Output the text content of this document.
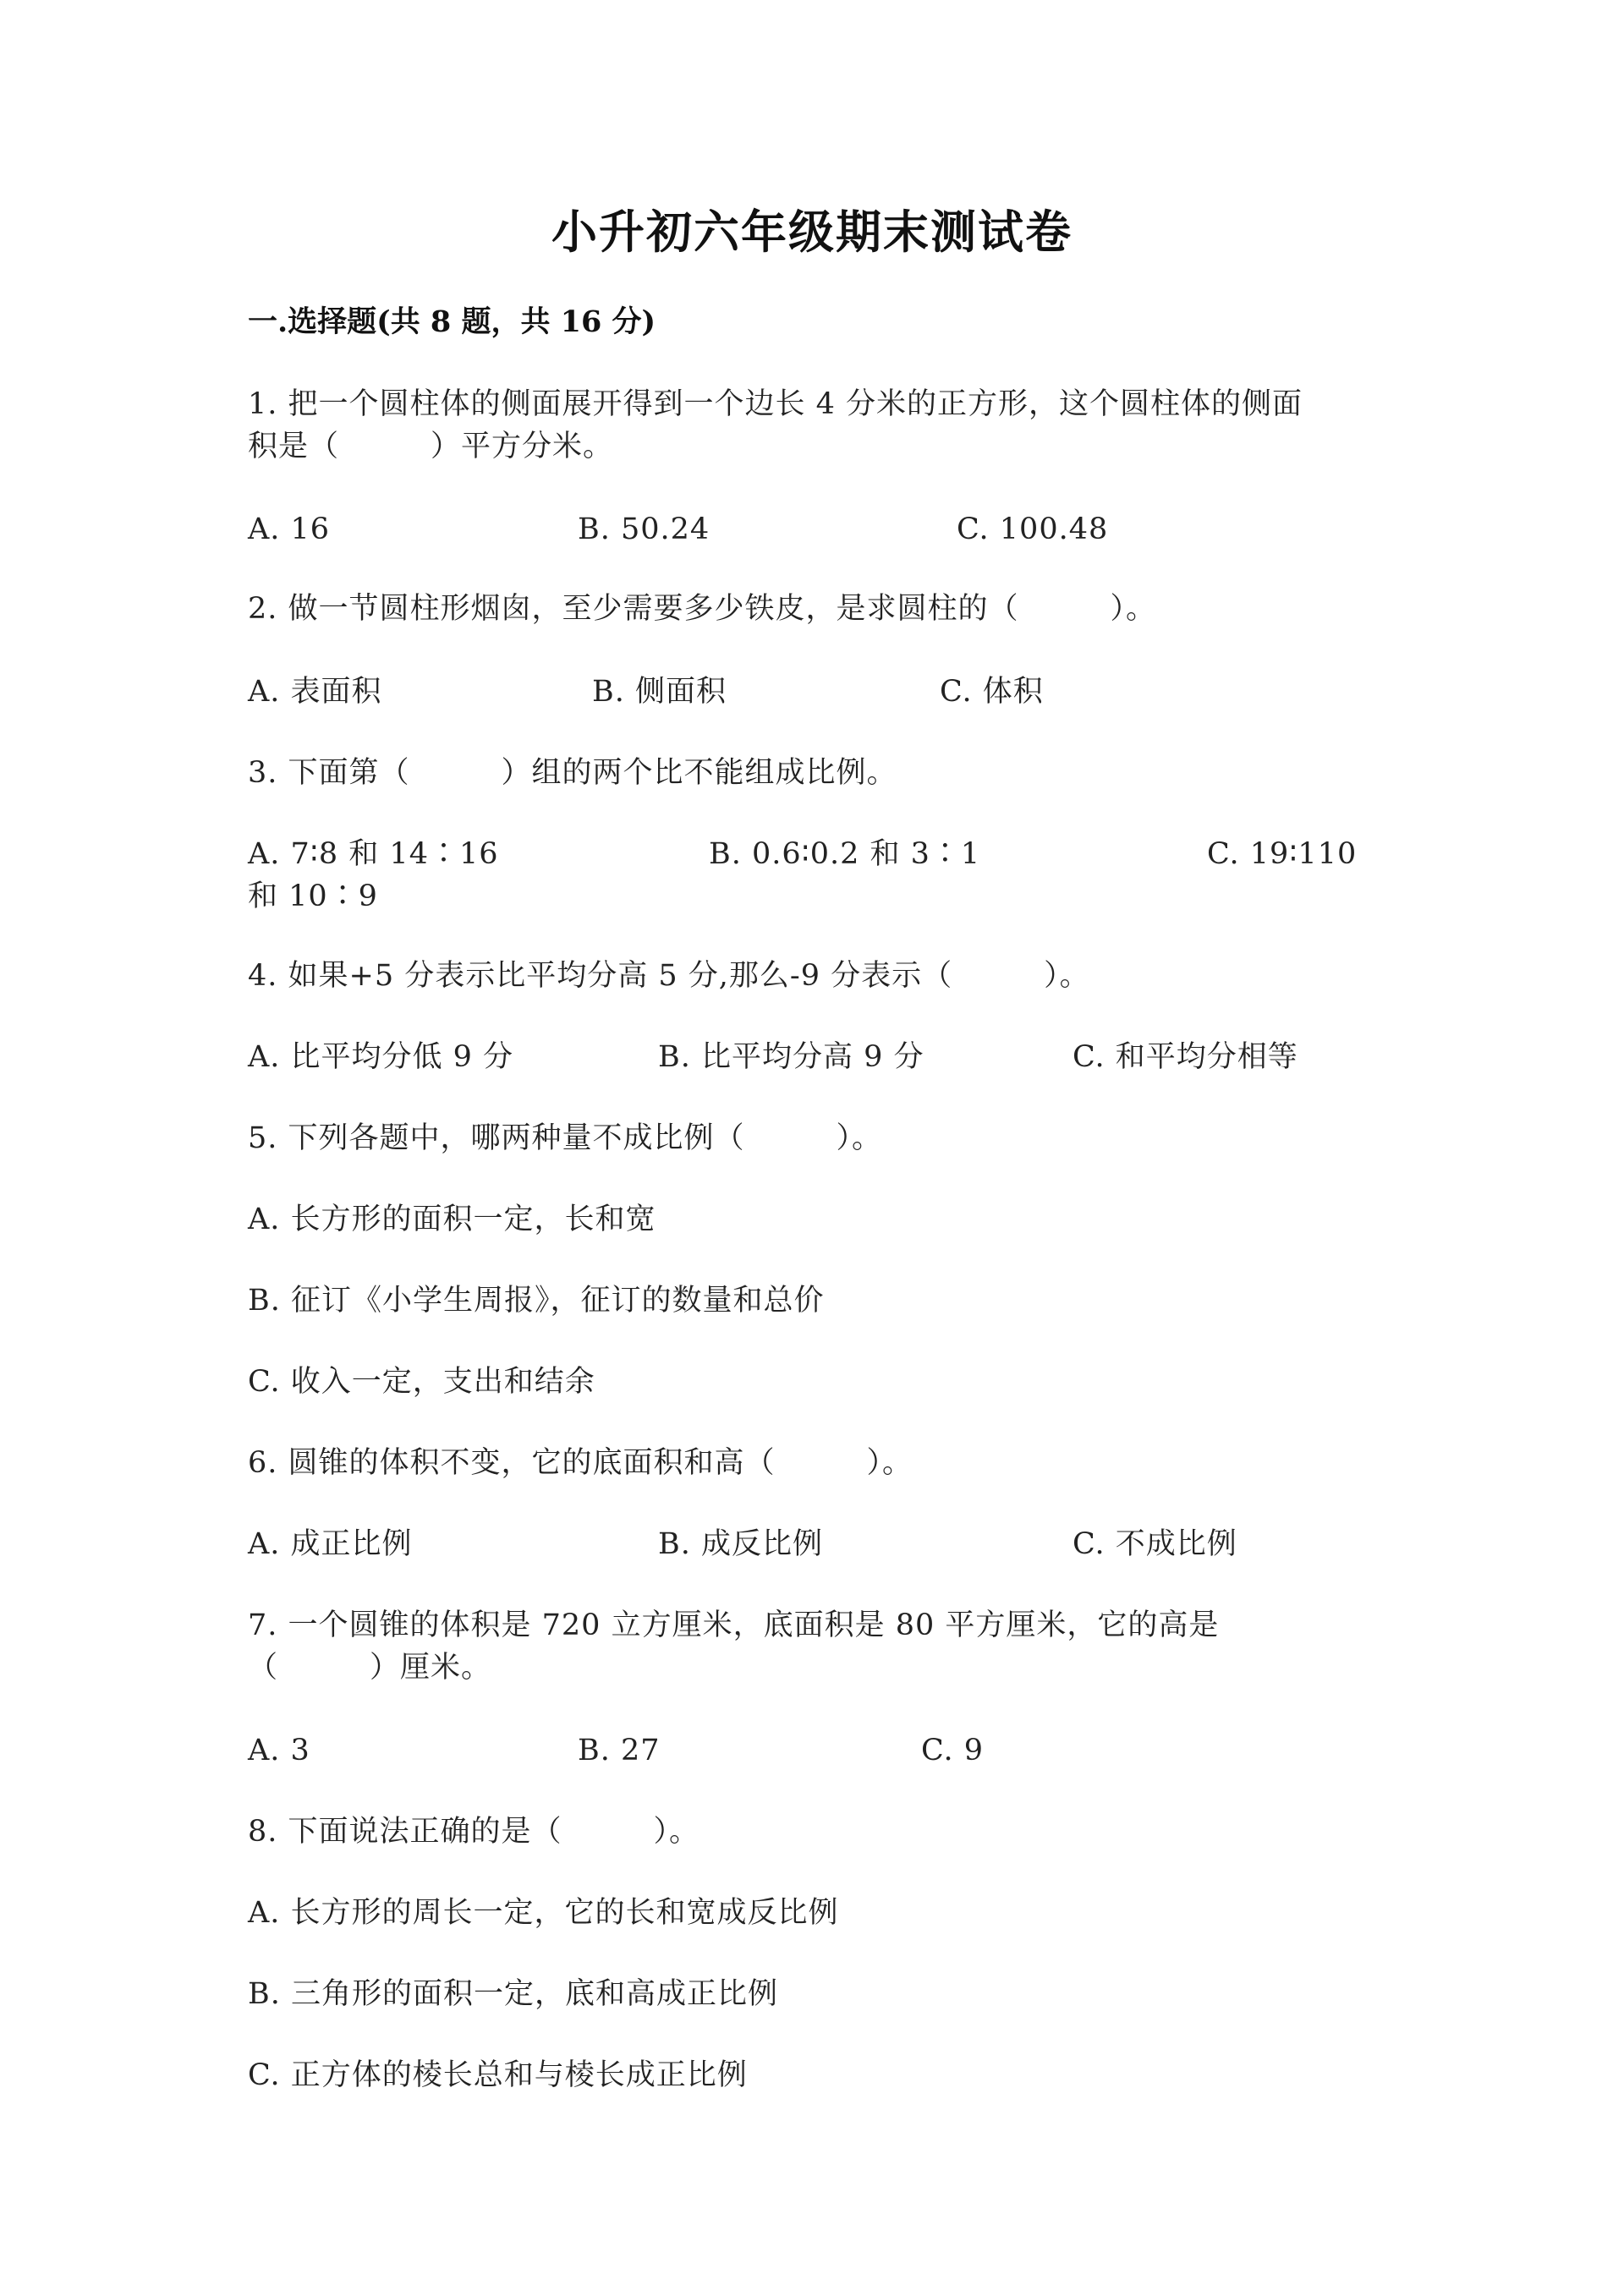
小升初六年级期末测试卷
一.选择题(共 8 题，共 16 分)
1. 把一个圆柱体的侧面展开得到一个边长 4 分米的正方形，这个圆柱体的侧面
积是（　　　）平方分米。
A. 16	B. 50.24	C. 100.48
2. 做一节圆柱形烟囱，至少需要多少铁皮，是求圆柱的（　　　）。
A. 表面积	B. 侧面积	C. 体积
3. 下面第（　　　）组的两个比不能组成比例。
A. 7∶8 和 14∶16	B. 0.6∶0.2 和 3∶1	C. 19∶110
和 10∶9
4. 如果+5 分表示比平均分高 5 分,那么-9 分表示（　　　）。
A. 比平均分低 9 分	B. 比平均分高 9 分	C. 和平均分相等
5. 下列各题中，哪两种量不成比例（　　　）。
A. 长方形的面积一定，长和宽
B. 征订《小学生周报》，征订的数量和总价
C. 收入一定，支出和结余
6. 圆锥的体积不变，它的底面积和高（　　　）。
A. 成正比例	B. 成反比例	C. 不成比例
7. 一个圆锥的体积是 720 立方厘米，底面积是 80 平方厘米，它的高是
（　　　）厘米。
A. 3	B. 27	C. 9
8. 下面说法正确的是（　　　）。
A. 长方形的周长一定，它的长和宽成反比例
B. 三角形的面积一定，底和高成正比例
C. 正方体的棱长总和与棱长成正比例
